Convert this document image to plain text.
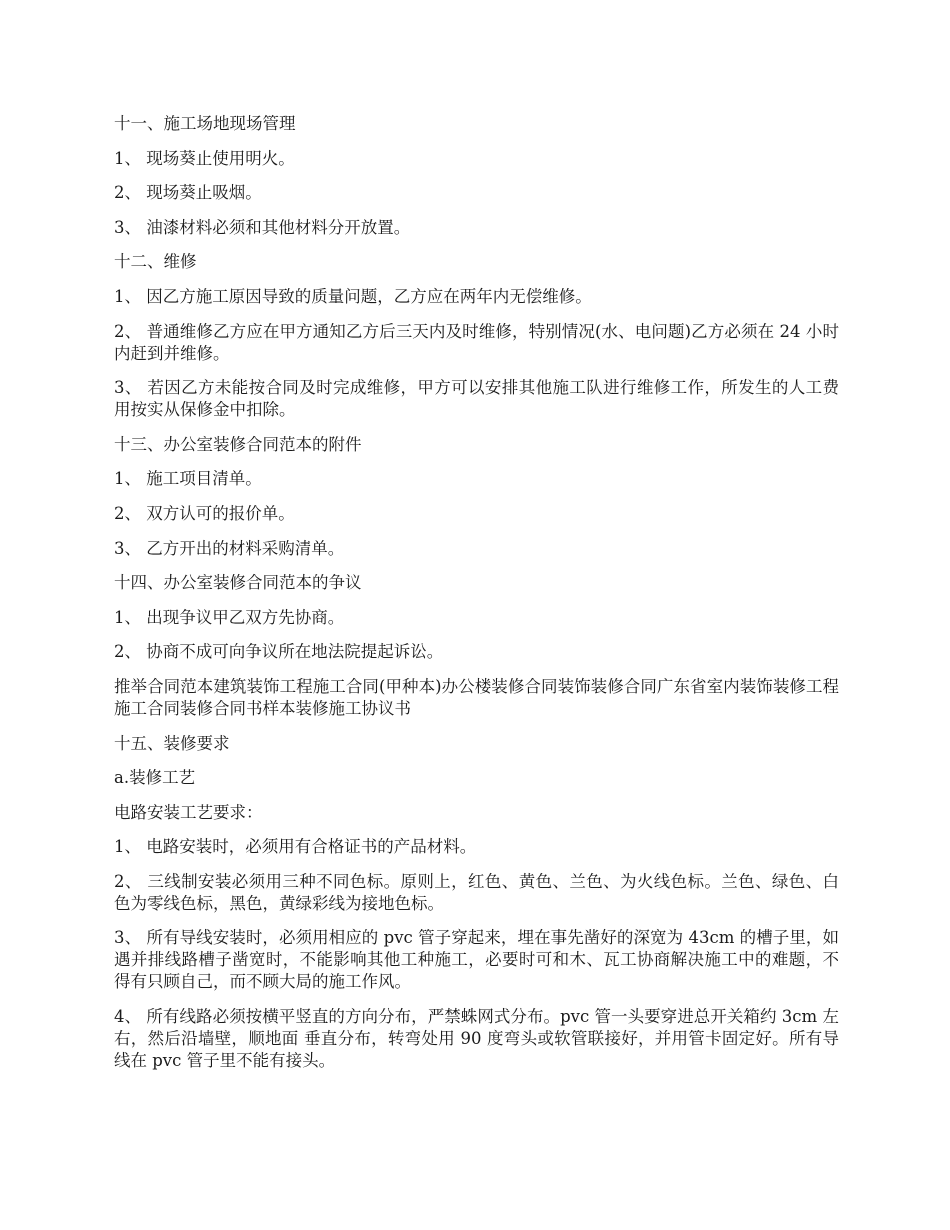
十一、施工场地现场管理

1、 现场葵止使用明火。

2、 现场葵止吸烟。

3、 油漆材料必须和其他材料分开放置。

十二、维修

1、 因乙方施工原因导致的质量问题，乙方应在两年内无偿维修。

2、 普通维修乙方应在甲方通知乙方后三天内及时维修，特别情况(水、电问题)乙方必须在 24 小时内赶到并维修。

3、 若因乙方未能按合同及时完成维修，甲方可以安排其他施工队进行维修工作，所发生的人工费用按实从保修金中扣除。

十三、办公室装修合同范本的附件

1、 施工项目清单。

2、 双方认可的报价单。

3、 乙方开出的材料采购清单。

十四、办公室装修合同范本的争议

1、 出现争议甲乙双方先协商。

2、 协商不成可向争议所在地法院提起诉讼。

推举合同范本建筑装饰工程施工合同(甲种本)办公楼装修合同装饰装修合同广东省室内装饰装修工程施工合同装修合同书样本装修施工协议书

十五、装修要求

a.装修工艺

电路安装工艺要求：

1、 电路安装时，必须用有合格证书的产品材料。

2、 三线制安装必须用三种不同色标。原则上，红色、黄色、兰色、为火线色标。兰色、绿色、白色为零线色标，黑色，黄绿彩线为接地色标。

3、 所有导线安装时，必须用相应的 pvc 管子穿起来，埋在事先凿好的深宽为 43cm 的槽子里，如遇并排线路槽子凿宽时，不能影响其他工种施工，必要时可和木、瓦工协商解决施工中的难题，不得有只顾自己，而不顾大局的施工作风。

4、 所有线路必须按横平竖直的方向分布，严禁蛛网式分布。pvc 管一头要穿进总开关箱约 3cm 左右，然后沿墙壁，顺地面 垂直分布，转弯处用 90 度弯头或软管联接好，并用管卡固定好。所有导线在 pvc 管子里不能有接头。
